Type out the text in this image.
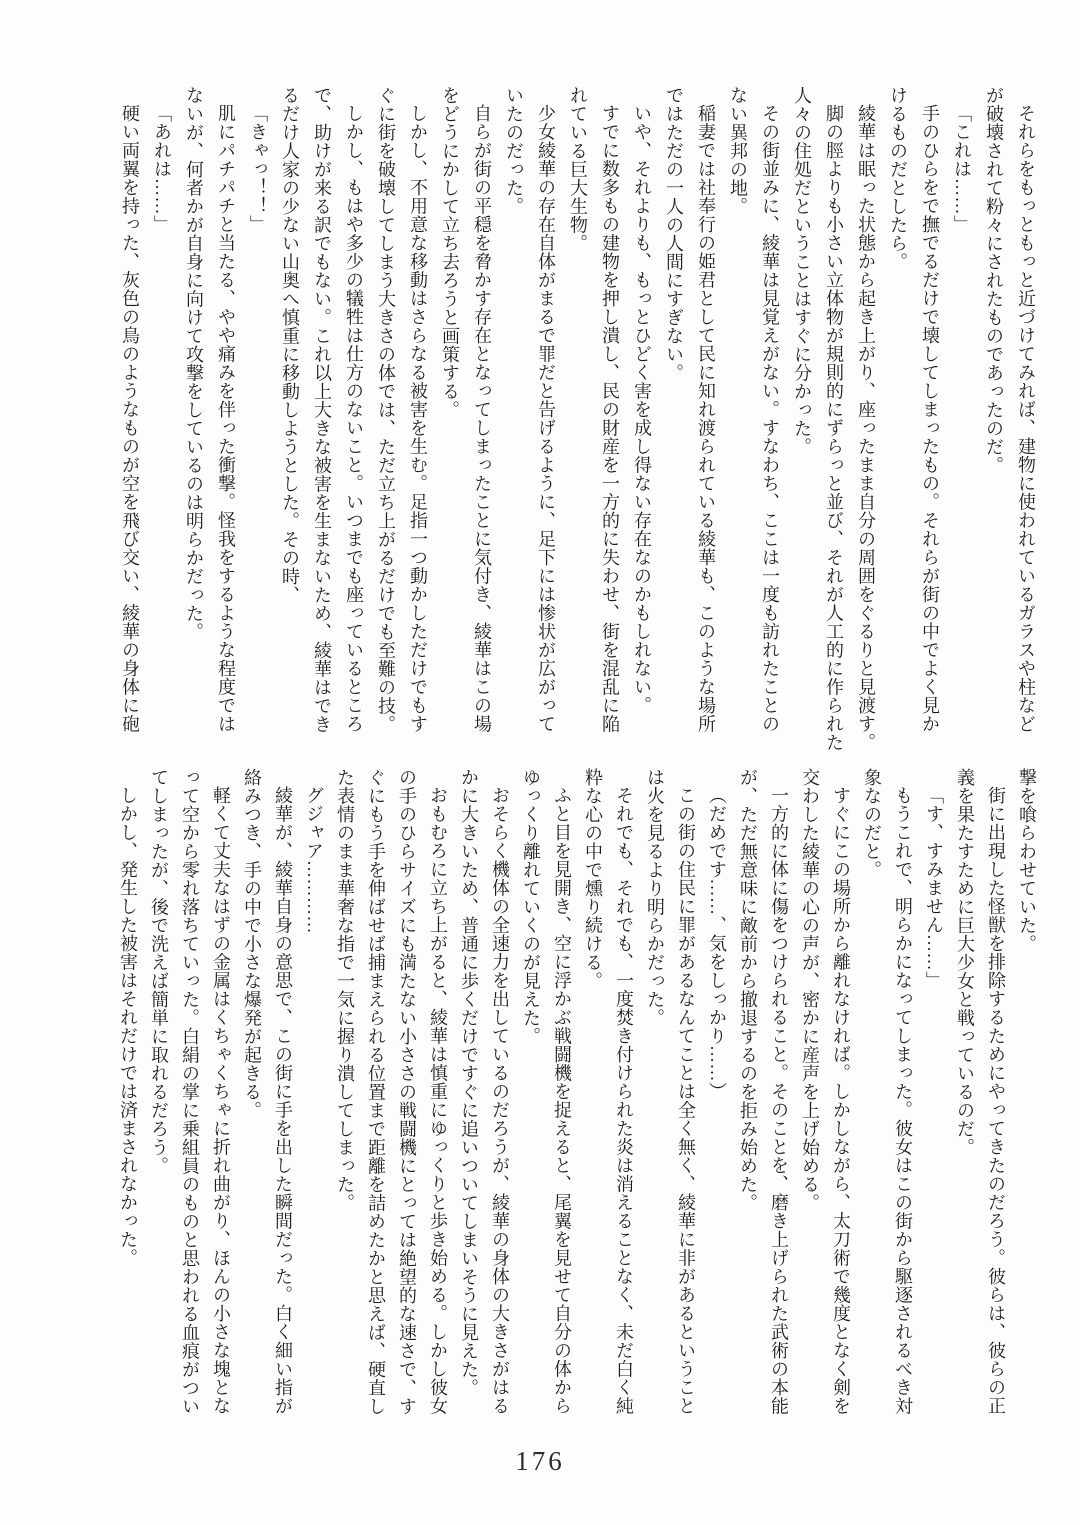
それらをもっともっと近づけてみれば、建物に使われているガラスや柱など
が破壊されて粉々にされたものであったのだ。
「これは……」
手のひらをで撫でるだけで壊してしまったもの。それらが街の中でよく見か
けるものだとしたら。
綾華は眠った状態から起き上がり、座ったまま自分の周囲をぐるりと見渡す。
脚の脛よりも小さい立体物が規則的にずらっと並び、それが人工的に作られた
人々の住処だということはすぐに分かった。
その街並みに、綾華は見覚えがない。すなわち、ここは一度も訪れたことの
ない異邦の地。
稲妻では社奉行の姫君として民に知れ渡られている綾華も、このような場所
ではただの一人の人間にすぎない。
いや、それよりも、もっとひどく害を成し得ない存在なのかもしれない。
すでに数多もの建物を押し潰し、民の財産を一方的に失わせ、街を混乱に陥
れている巨大生物。
少女綾華の存在自体がまるで罪だと告げるように、足下には惨状が広がって
いたのだった。
自らが街の平穏を脅かす存在となってしまったことに気付き、綾華はこの場
をどうにかして立ち去ろうと画策する。
しかし、不用意な移動はさらなる被害を生む。足指一つ動かしただけでもす
ぐに街を破壊してしまう大きさの体では、ただ立ち上がるだけでも至難の技。
しかし、もはや多少の犠牲は仕方のないこと。いつまでも座っているところ
で、助けが来る訳でもない。これ以上大きな被害を生まないため、綾華はでき
るだけ人家の少ない山奥へ慎重に移動しようとした。その時、
「きゃっ！！」
肌にパチパチと当たる、やや痛みを伴った衝撃。怪我をするような程度では
ないが、何者かが自身に向けて攻撃をしているのは明らかだった。
「あれは……」
硬い両翼を持った、灰色の鳥のようなものが空を飛び交い、綾華の身体に砲
撃を喰らわせていた。
街に出現した怪獣を排除するためにやってきたのだろう。彼らは、彼らの正
義を果たすために巨大少女と戦っているのだ。
「す、すみません……」
もうこれで、明らかになってしまった。彼女はこの街から駆逐されるべき対
象なのだと。
すぐにこの場所から離れなければ。しかしながら、太刀術で幾度となく剣を
交わした綾華の心の声が、密かに産声を上げ始める。
一方的に体に傷をつけられること。そのことを、磨き上げられた武術の本能
が、ただ無意味に敵前から撤退するのを拒み始めた。
（だめです……、気をしっかり……）
この街の住民に罪があるなんてことは全く無く、綾華に非があるということ
は火を見るより明らかだった。
それでも、それでも、一度焚き付けられた炎は消えることなく、未だ白く純
粋な心の中で燻り続ける。
ふと目を見開き、空に浮かぶ戦闘機を捉えると、尾翼を見せて自分の体から
ゆっくり離れていくのが見えた。
おそらく機体の全速力を出しているのだろうが、綾華の身体の大きさがはる
かに大きいため、普通に歩くだけですぐに追いついてしまいそうに見えた。
おもむろに立ち上がると、綾華は慎重にゆっくりと歩き始める。しかし彼女
の手のひらサイズにも満たない小ささの戦闘機にとっては絶望的な速さで、す
ぐにもう手を伸ばせば捕まえられる位置まで距離を詰めたかと思えば、硬直し
た表情のまま華奢な指で一気に握り潰してしまった。
グジャア…………
綾華が、綾華自身の意思で、この街に手を出した瞬間だった。白く細い指が
絡みつき、手の中で小さな爆発が起きる。
軽くて丈夫なはずの金属はくちゃくちゃに折れ曲がり、ほんの小さな塊とな
って空から零れ落ちていった。白絹の掌に乗組員のものと思われる血痕がつい
てしまったが、後で洗えば簡単に取れるだろう。
しかし、発生した被害はそれだけでは済まされなかった。
176
